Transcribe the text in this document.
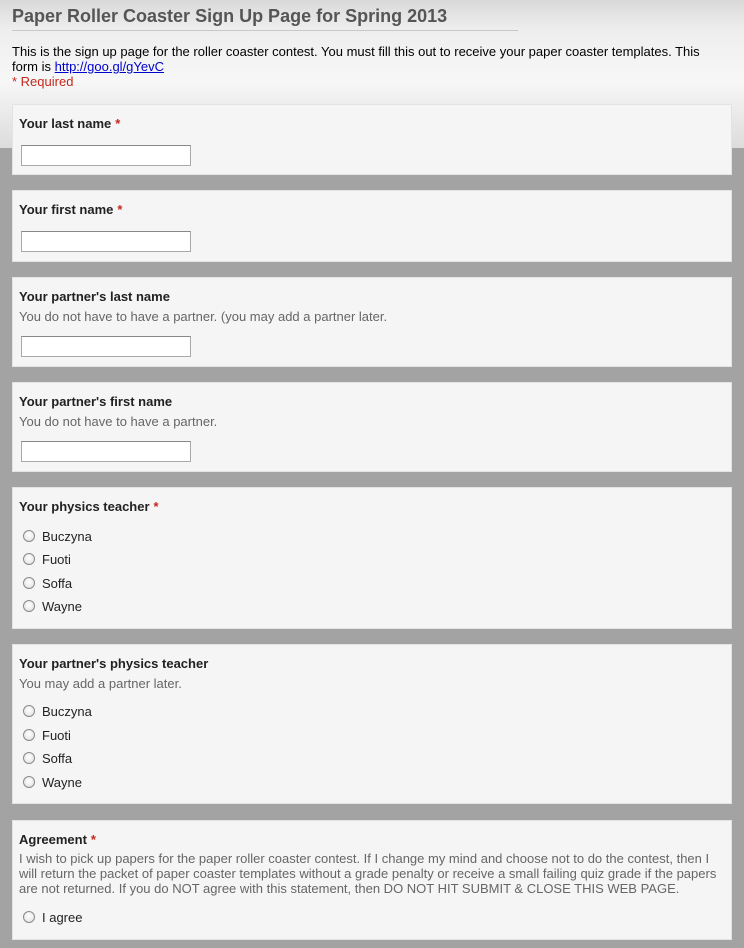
Paper Roller Coaster Sign Up Page for Spring 2013
This is the sign up page for the roller coaster contest. You must fill this out to receive your paper coaster templates. This form is http://goo.gl/gYevC
* Required
Your last name *
Your first name *
Your partner's last name
You do not have to have a partner. (you may add a partner later.
Your partner's first name
You do not have to have a partner.
Your physics teacher *
Buczyna
Fuoti
Soffa
Wayne
Your partner's physics teacher
You may add a partner later.
Buczyna
Fuoti
Soffa
Wayne
Agreement *
I wish to pick up papers for the paper roller coaster contest. If I change my mind and choose not to do the contest, then I will return the packet of paper coaster templates without a grade penalty or receive a small failing quiz grade if the papers are not returned. If you do NOT agree with this statement, then DO NOT HIT SUBMIT & CLOSE THIS WEB PAGE.
I agree
